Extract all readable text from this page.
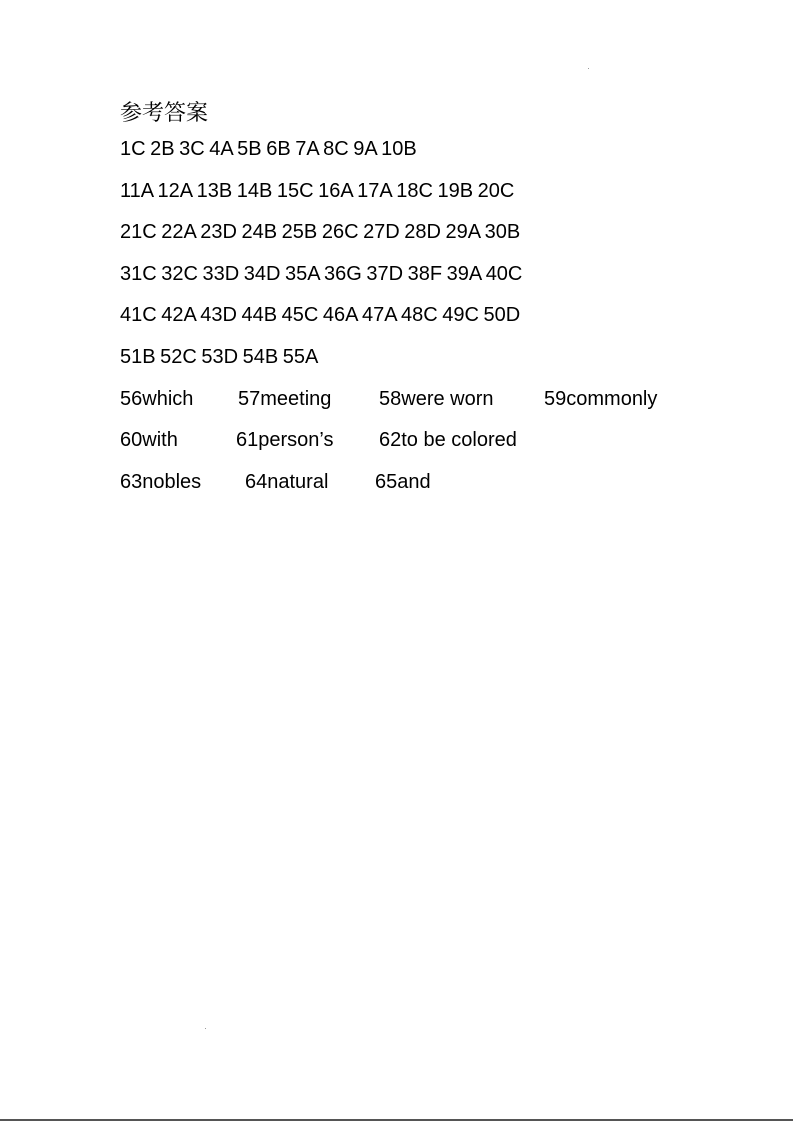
参考答案
1C 2B 3C 4A 5B 6B 7A 8C 9A 10B
11A 12A 13B 14B 15C 16A 17A 18C 19B 20C
21C 22A 23D 24B 25B 26C 27D 28D 29A 30B
31C 32C 33D 34D 35A 36G 37D 38F 39A 40C
41C 42A 43D 44B 45C 46A 47A 48C 49C 50D
51B 52C 53D 54B 55A
56which 57meeting 58were worn	59commonly
60with	61person’s 62to be colored
63nobles 64natural 65and
